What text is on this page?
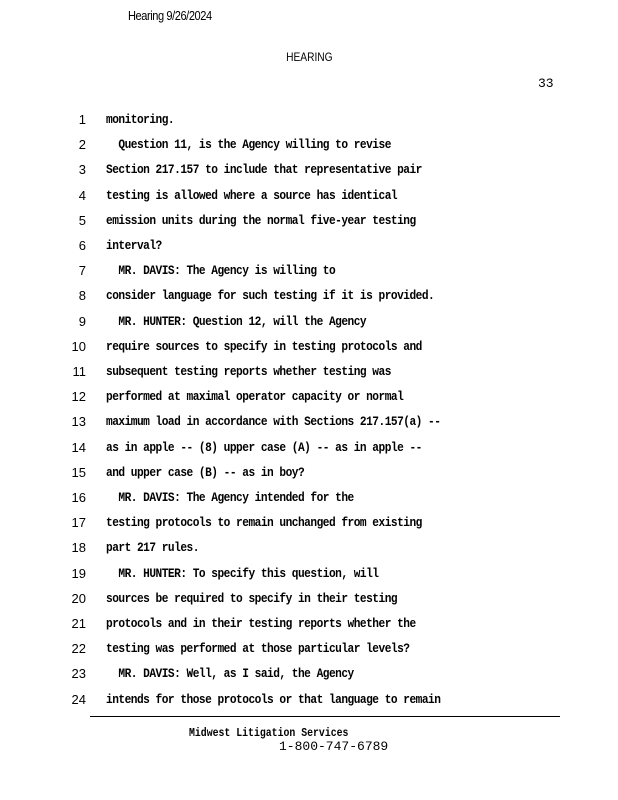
Hearing 9/26/2024
HEARING
33
1 monitoring.
2 Question 11, is the Agency willing to revise
3 Section 217.157 to include that representative pair
4 testing is allowed where a source has identical
5 emission units during the normal five-year testing
6 interval?
7 MR. DAVIS: The Agency is willing to
8 consider language for such testing if it is provided.
9 MR. HUNTER: Question 12, will the Agency
10 require sources to specify in testing protocols and
11 subsequent testing reports whether testing was
12 performed at maximal operator capacity or normal
13 maximum load in accordance with Sections 217.157(a) --
14 as in apple -- (8) upper case (A) -- as in apple --
15 and upper case (B) -- as in boy?
16 MR. DAVIS: The Agency intended for the
17 testing protocols to remain unchanged from existing
18 part 217 rules.
19 MR. HUNTER: To specify this question, will
20 sources be required to specify in their testing
21 protocols and in their testing reports whether the
22 testing was performed at those particular levels?
23 MR. DAVIS: Well, as I said, the Agency
24 intends for those protocols or that language to remain
Midwest Litigation Services
1-800-747-6789
